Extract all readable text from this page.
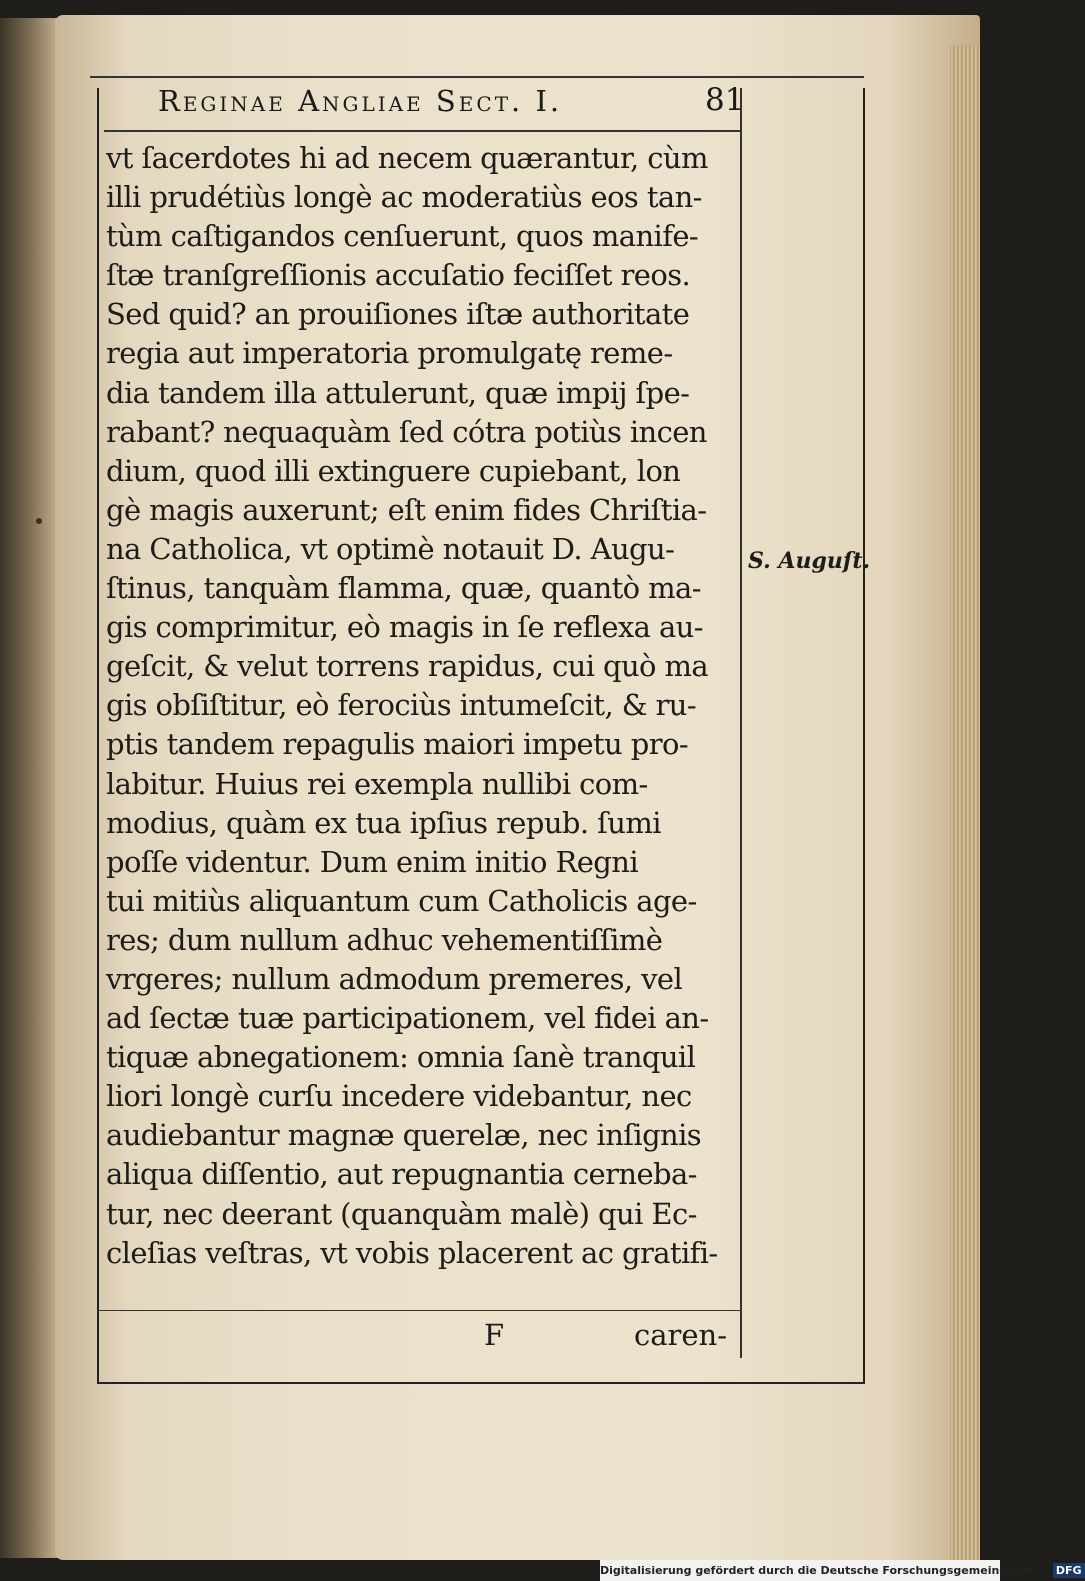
Reginae Angliae Sect. I.	81
vt ſacerdotes hi ad necem quærantur, cùm
illi prudétiùs longè ac moderatiùs eos tan-
tùm caſtigandos cenſuerunt, quos manife-
ſtæ tranſgreſſionis accuſatio feciſſet reos.
Sed quid? an prouiſiones iſtæ authoritate
regia aut imperatoria promulgatę reme-
dia tandem illa attulerunt, quæ impij ſpe-
rabant? nequaquàm ſed cótra potiùs incen
dium, quod illi extinguere cupiebant, lon
gè magis auxerunt; eſt enim fides Chriſtia-
na Catholica, vt optimè notauit D. Augu-
ſtinus, tanquàm flamma, quæ, quantò ma-
gis comprimitur, eò magis in ſe reflexa au-
geſcit, & velut torrens rapidus, cui quò ma
gis obſiſtitur, eò ferociùs intumeſcit, & ru-
ptis tandem repagulis maiori impetu pro-
labitur. Huius rei exempla nullibi com-
modius, quàm ex tua ipſius repub. ſumi
poſſe videntur. Dum enim initio Regni
tui mitiùs aliquantum cum Catholicis age-
res; dum nullum adhuc vehementiſſimè
vrgeres; nullum admodum premeres, vel
ad ſectæ tuæ participationem, vel fidei an-
tiquæ abnegationem: omnia ſanè tranquil
liori longè curſu incedere videbantur, nec
audiebantur magnæ querelæ, nec inſignis
aliqua diſſentio, aut repugnantia cerneba-
tur, nec deerant (quanquàm malè) qui Ec-
cleſias veſtras, vt vobis placerent ac gratifi-
S. Auguſt.
F	caren-
Digitalisierung gefördert durch die Deutsche Forschungsgemeinschaft - DFG
